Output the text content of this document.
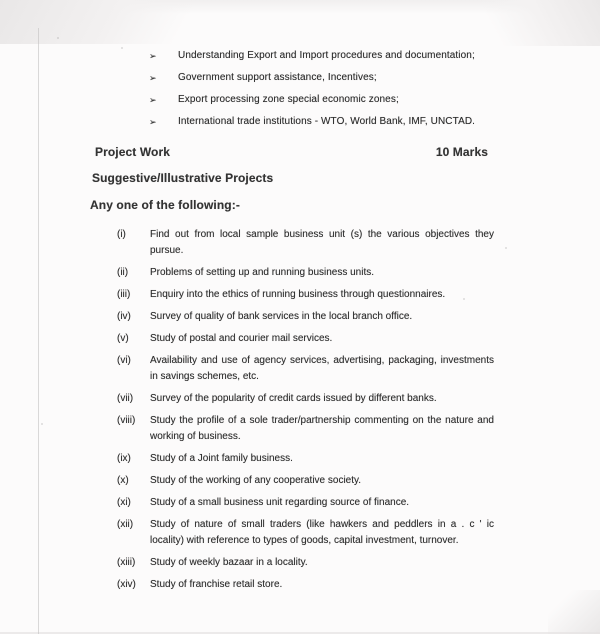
➢	Understanding Export and Import procedures and documentation;
➢	Government support assistance, Incentives;
➢	Export processing zone special economic zones;
➢	International trade institutions - WTO, World Bank, IMF, UNCTAD.
Project Work	10 Marks
Suggestive/Illustrative Projects
Any one of the following:-
(i)	Find out from local sample business unit (s) the various objectives they
pursue.
(ii)	Problems of setting up and running business units.
(iii)	Enquiry into the ethics of running business through questionnaires.
(iv)	Survey of quality of bank services in the local branch office.
(v)	Study of postal and courier mail services.
(vi)	Availability and use of agency services, advertising, packaging, investments
in savings schemes, etc.
(vii)	Survey of the popularity of credit cards issued by different banks.
(viii)	Study the profile of a sole trader/partnership commenting on the nature and
working of business.
(ix)	Study of a Joint family business.
(x)	Study of the working of any cooperative society.
(xi)	Study of a small business unit regarding source of finance.
(xii)	Study of nature of small traders (like hawkers and peddlers in a . c ' ic
locality) with reference to types of goods, capital investment, turnover.
(xiii)	Study of weekly bazaar in a locality.
(xiv)	Study of franchise retail store.
